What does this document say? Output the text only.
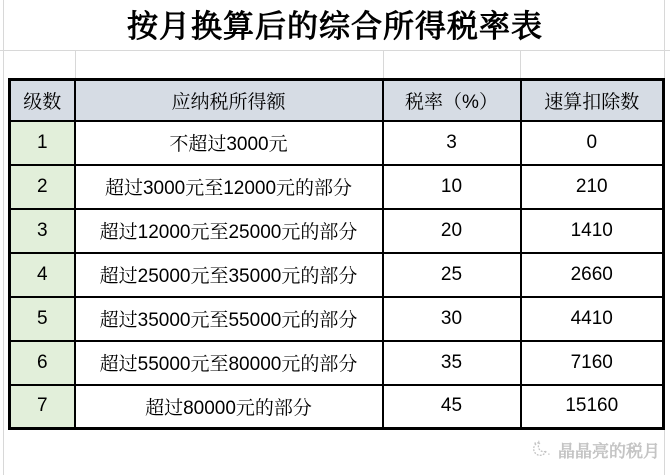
按月换算后的综合所得税率表
级数	应纳税所得额	税率（%）	速算扣除数
1	不超过3000元	3	0
2	超过3000元至12000元的部分	10	210
3	超过12000元至25000元的部分	20	1410
4	超过25000元至35000元的部分	25	2660
5	超过35000元至55000元的部分	30	4410
6	超过55000元至80000元的部分	35	7160
7	超过80000元的部分	45	15160
晶晶亮的税月
